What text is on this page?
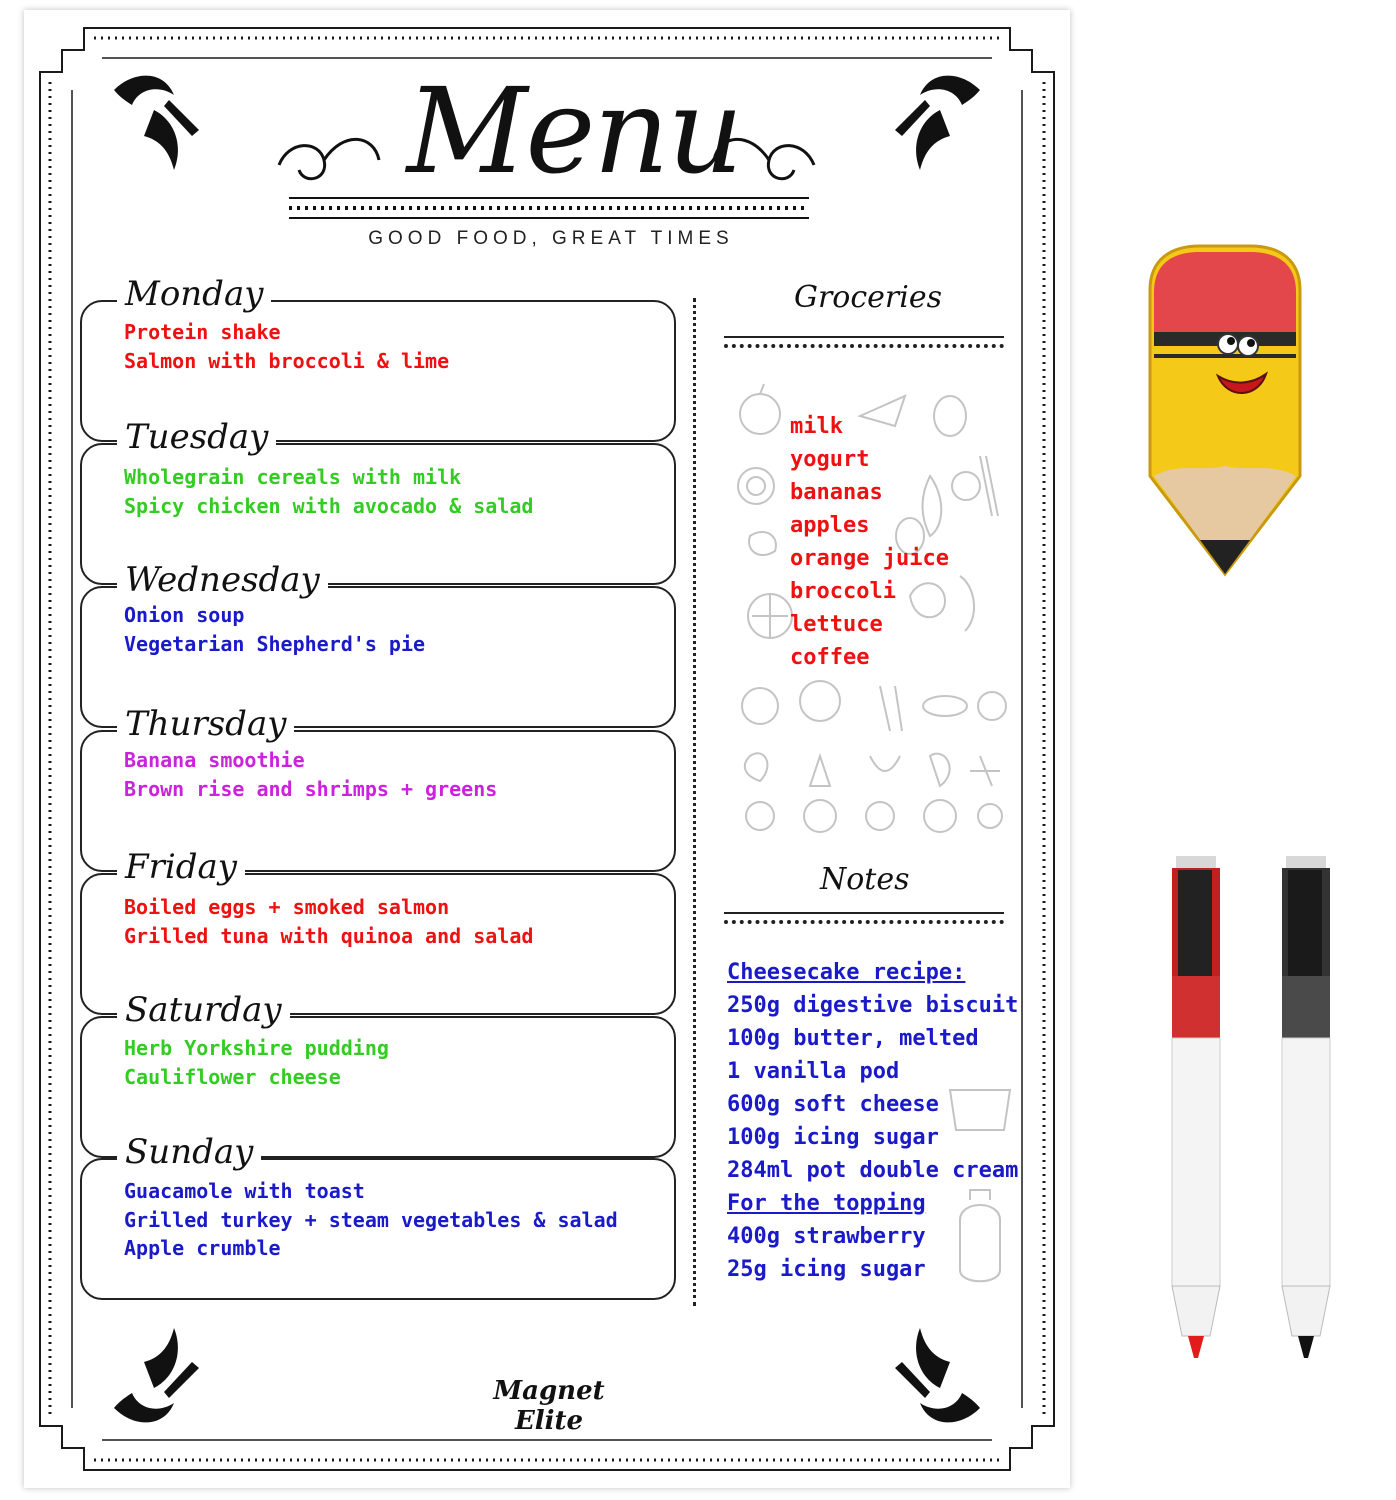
Menu
GOOD FOOD, GREAT TIMES
Monday
Protein shake
Salmon with broccoli & lime
Tuesday
Wholegrain cereals with milk
Spicy chicken with avocado & salad
Wednesday
Onion soup
Vegetarian Shepherd's pie
Thursday
Banana smoothie
Brown rise and shrimps + greens
Friday
Boiled eggs + smoked salmon
Grilled tuna with quinoa and salad
Saturday
Herb Yorkshire pudding
Cauliflower cheese
Sunday
Guacamole with toast
Grilled turkey + steam vegetables & salad
Apple crumble
Groceries
milk
yogurt
bananas
apples
orange juice
broccoli
lettuce
coffee
Notes
Cheesecake recipe:
250g digestive biscuit
100g butter, melted
1 vanilla pod
600g soft cheese
100g icing sugar
284ml pot double cream
For the topping
400g strawberry
25g icing sugar
Magnet Elite
